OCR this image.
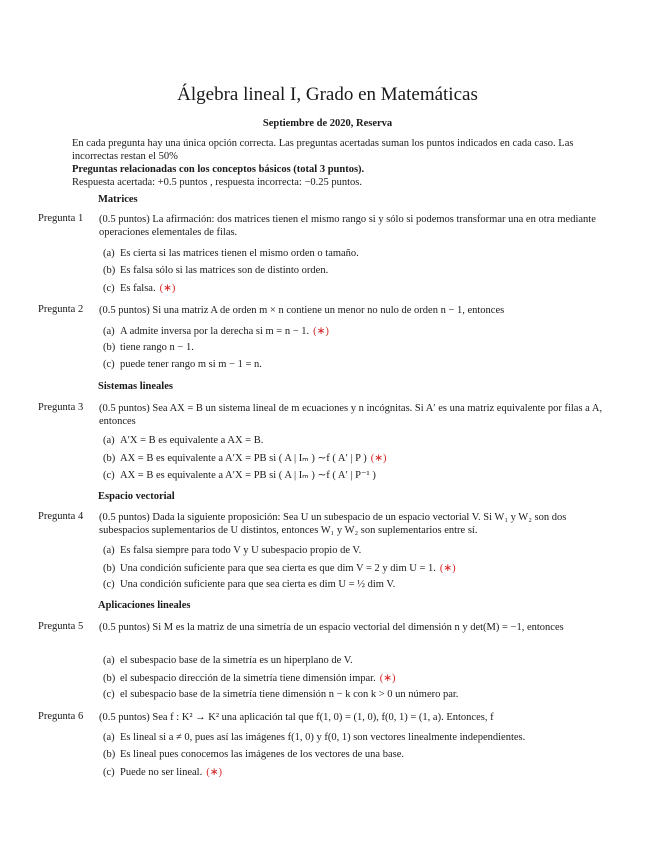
Álgebra lineal I, Grado en Matemáticas
Septiembre de 2020, Reserva

En cada pregunta hay una única opción correcta. Las preguntas acertadas suman los puntos indicados en cada caso. Las incorrectas restan el 50%

Preguntas relacionadas con los conceptos básicos (total 3 puntos).

Respuesta acertada: +0.5 puntos , respuesta incorrecta: −0.25 puntos.

Matrices
Pregunta 1 (0.5 puntos) La afirmación: dos matrices tienen el mismo rango si y sólo si podemos transformar una en otra mediante operaciones elementales de filas.
(a) Es cierta si las matrices tienen el mismo orden o tamaño.
(b) Es falsa sólo si las matrices son de distinto orden.
(c) Es falsa. (∗)
Pregunta 2 (0.5 puntos) Si una matriz A de orden m × n contiene un menor no nulo de orden n − 1, entonces
(a) A admite inversa por la derecha si m = n − 1. (∗)
(b) tiene rango n − 1.
(c) puede tener rango m si m − 1 = n.
Sistemas lineales
Pregunta 3 (0.5 puntos) Sea AX = B un sistema lineal de m ecuaciones y n incógnitas. Si A′ es una matriz equivalente por filas a A, entonces
(a) A′X = B es equivalente a AX = B.
(b) AX = B es equivalente a A′X = PB si ( A | Iₘ ) ∼f ( A′ | P ) (∗)
(c) AX = B es equivalente a A′X = PB si ( A | Iₘ ) ∼f ( A′ | P⁻¹ )
Espacio vectorial
Pregunta 4 (0.5 puntos) Dada la siguiente proposición: Sea U un subespacio de un espacio vectorial V. Si W₁ y W₂ son dos subespacios suplementarios de U distintos, entonces W₁ y W₂ son suplementarios entre sí.
(a) Es falsa siempre para todo V y U subespacio propio de V.
(b) Una condición suficiente para que sea cierta es que dim V = 2 y dim U = 1. (∗)
(c) Una condición suficiente para que sea cierta es dim U = ½ dim V.
Aplicaciones lineales
Pregunta 5 (0.5 puntos) Si M es la matriz de una simetría de un espacio vectorial del dimensión n y det(M) = −1, entonces
(a) el subespacio base de la simetría es un hiperplano de V.
(b) el subespacio dirección de la simetría tiene dimensión impar. (∗)
(c) el subespacio base de la simetría tiene dimensión n − k con k > 0 un número par.
Pregunta 6 (0.5 puntos) Sea f : K² → K² una aplicación tal que f(1, 0) = (1, 0), f(0, 1) = (1, a). Entonces, f
(a) Es lineal si a ≠ 0, pues así las imágenes f(1, 0) y f(0, 1) son vectores linealmente independientes.
(b) Es lineal pues conocemos las imágenes de los vectores de una base.
(c) Puede no ser lineal. (∗)
